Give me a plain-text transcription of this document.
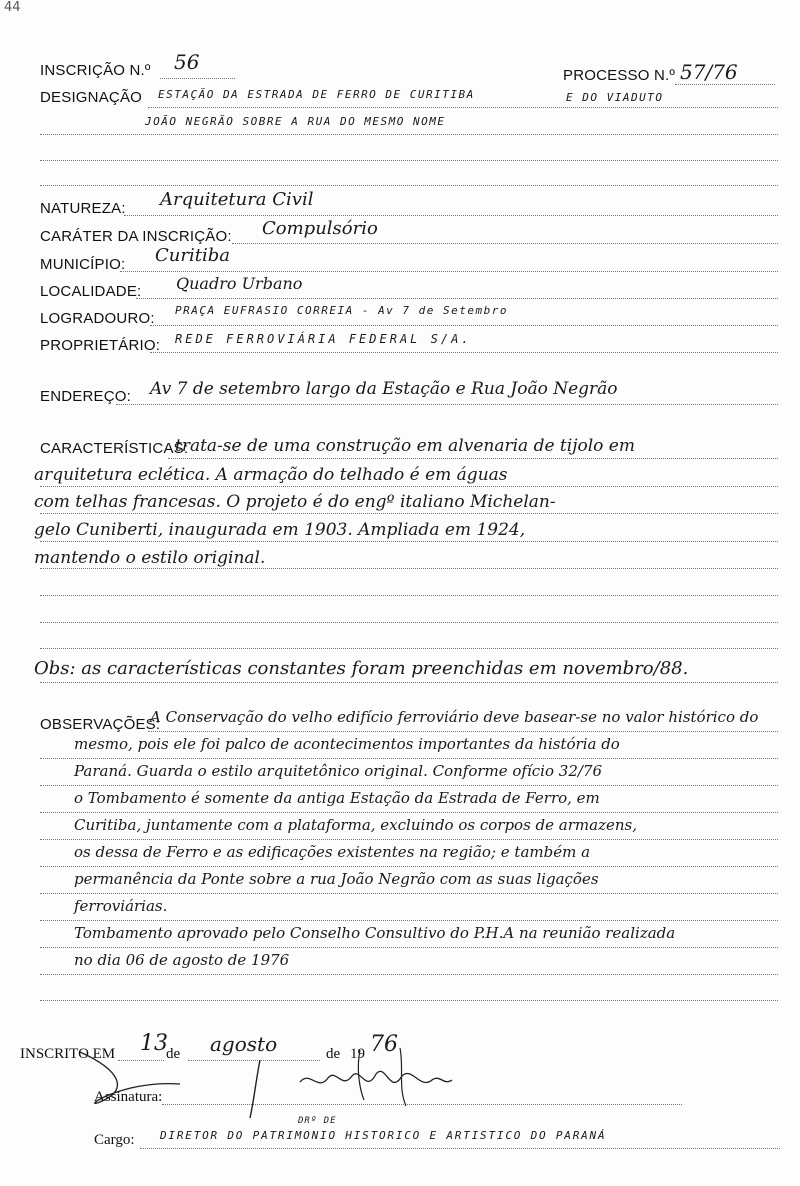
44
INSCRIÇÃO N.º 56
PROCESSO N.º 57/76
DESIGNAÇÃO ESTAÇÃO DA ESTRADA DE FERRO DE CURITIBA	E DO VIADUTO
JOÃO NEGRÃO SOBRE A RUA DO MESMO NOME
NATUREZA: Arquitetura Civil
CARÁTER DA INSCRIÇÃO: Compulsório
MUNICÍPIO: Curitiba
LOCALIDADE: Quadro Urbano
LOGRADOURO: PRAÇA EUFRASIO CORREIA - Av 7 de Setembro
PROPRIETÁRIO: REDE FERROVIÁRIA FEDERAL S/A.
ENDEREÇO: Av 7 de setembro largo da Estação e Rua João Negrão
CARACTERÍSTICAS:
trata-se de uma construção em alvenaria de tijolo em
arquitetura eclética. A armação do telhado é em águas
com telhas francesas. O projeto é do engº italiano Michelan-
gelo Cuniberti, inaugurada em 1903. Ampliada em 1924,
mantendo o estilo original.
Obs: as características constantes foram preenchidas em novembro/88.
OBSERVAÇÕES:
A Conservação do velho edifício ferroviário deve basear-se no valor histórico do
mesmo, pois ele foi palco de acontecimentos importantes da história do
Paraná. Guarda o estilo arquitetônico original. Conforme ofício 32/76
o Tombamento é somente da antiga Estação da Estrada de Ferro, em
Curitiba, juntamente com a plataforma, excluindo os corpos de armazens,
os dessa de Ferro e as edificações existentes na região; e também a
permanência da Ponte sobre a rua João Negrão com as suas ligações
ferroviárias.
Tombamento aprovado pelo Conselho Consultivo do P.H.A na reunião realizada
no dia 06 de agosto de 1976
INSCRITO EM 13
de agosto	de 19 76
Assinatura:
Cargo:
DRº DE
DIRETOR DO PATRIMONIO HISTORICO E ARTISTICO DO PARANÁ
